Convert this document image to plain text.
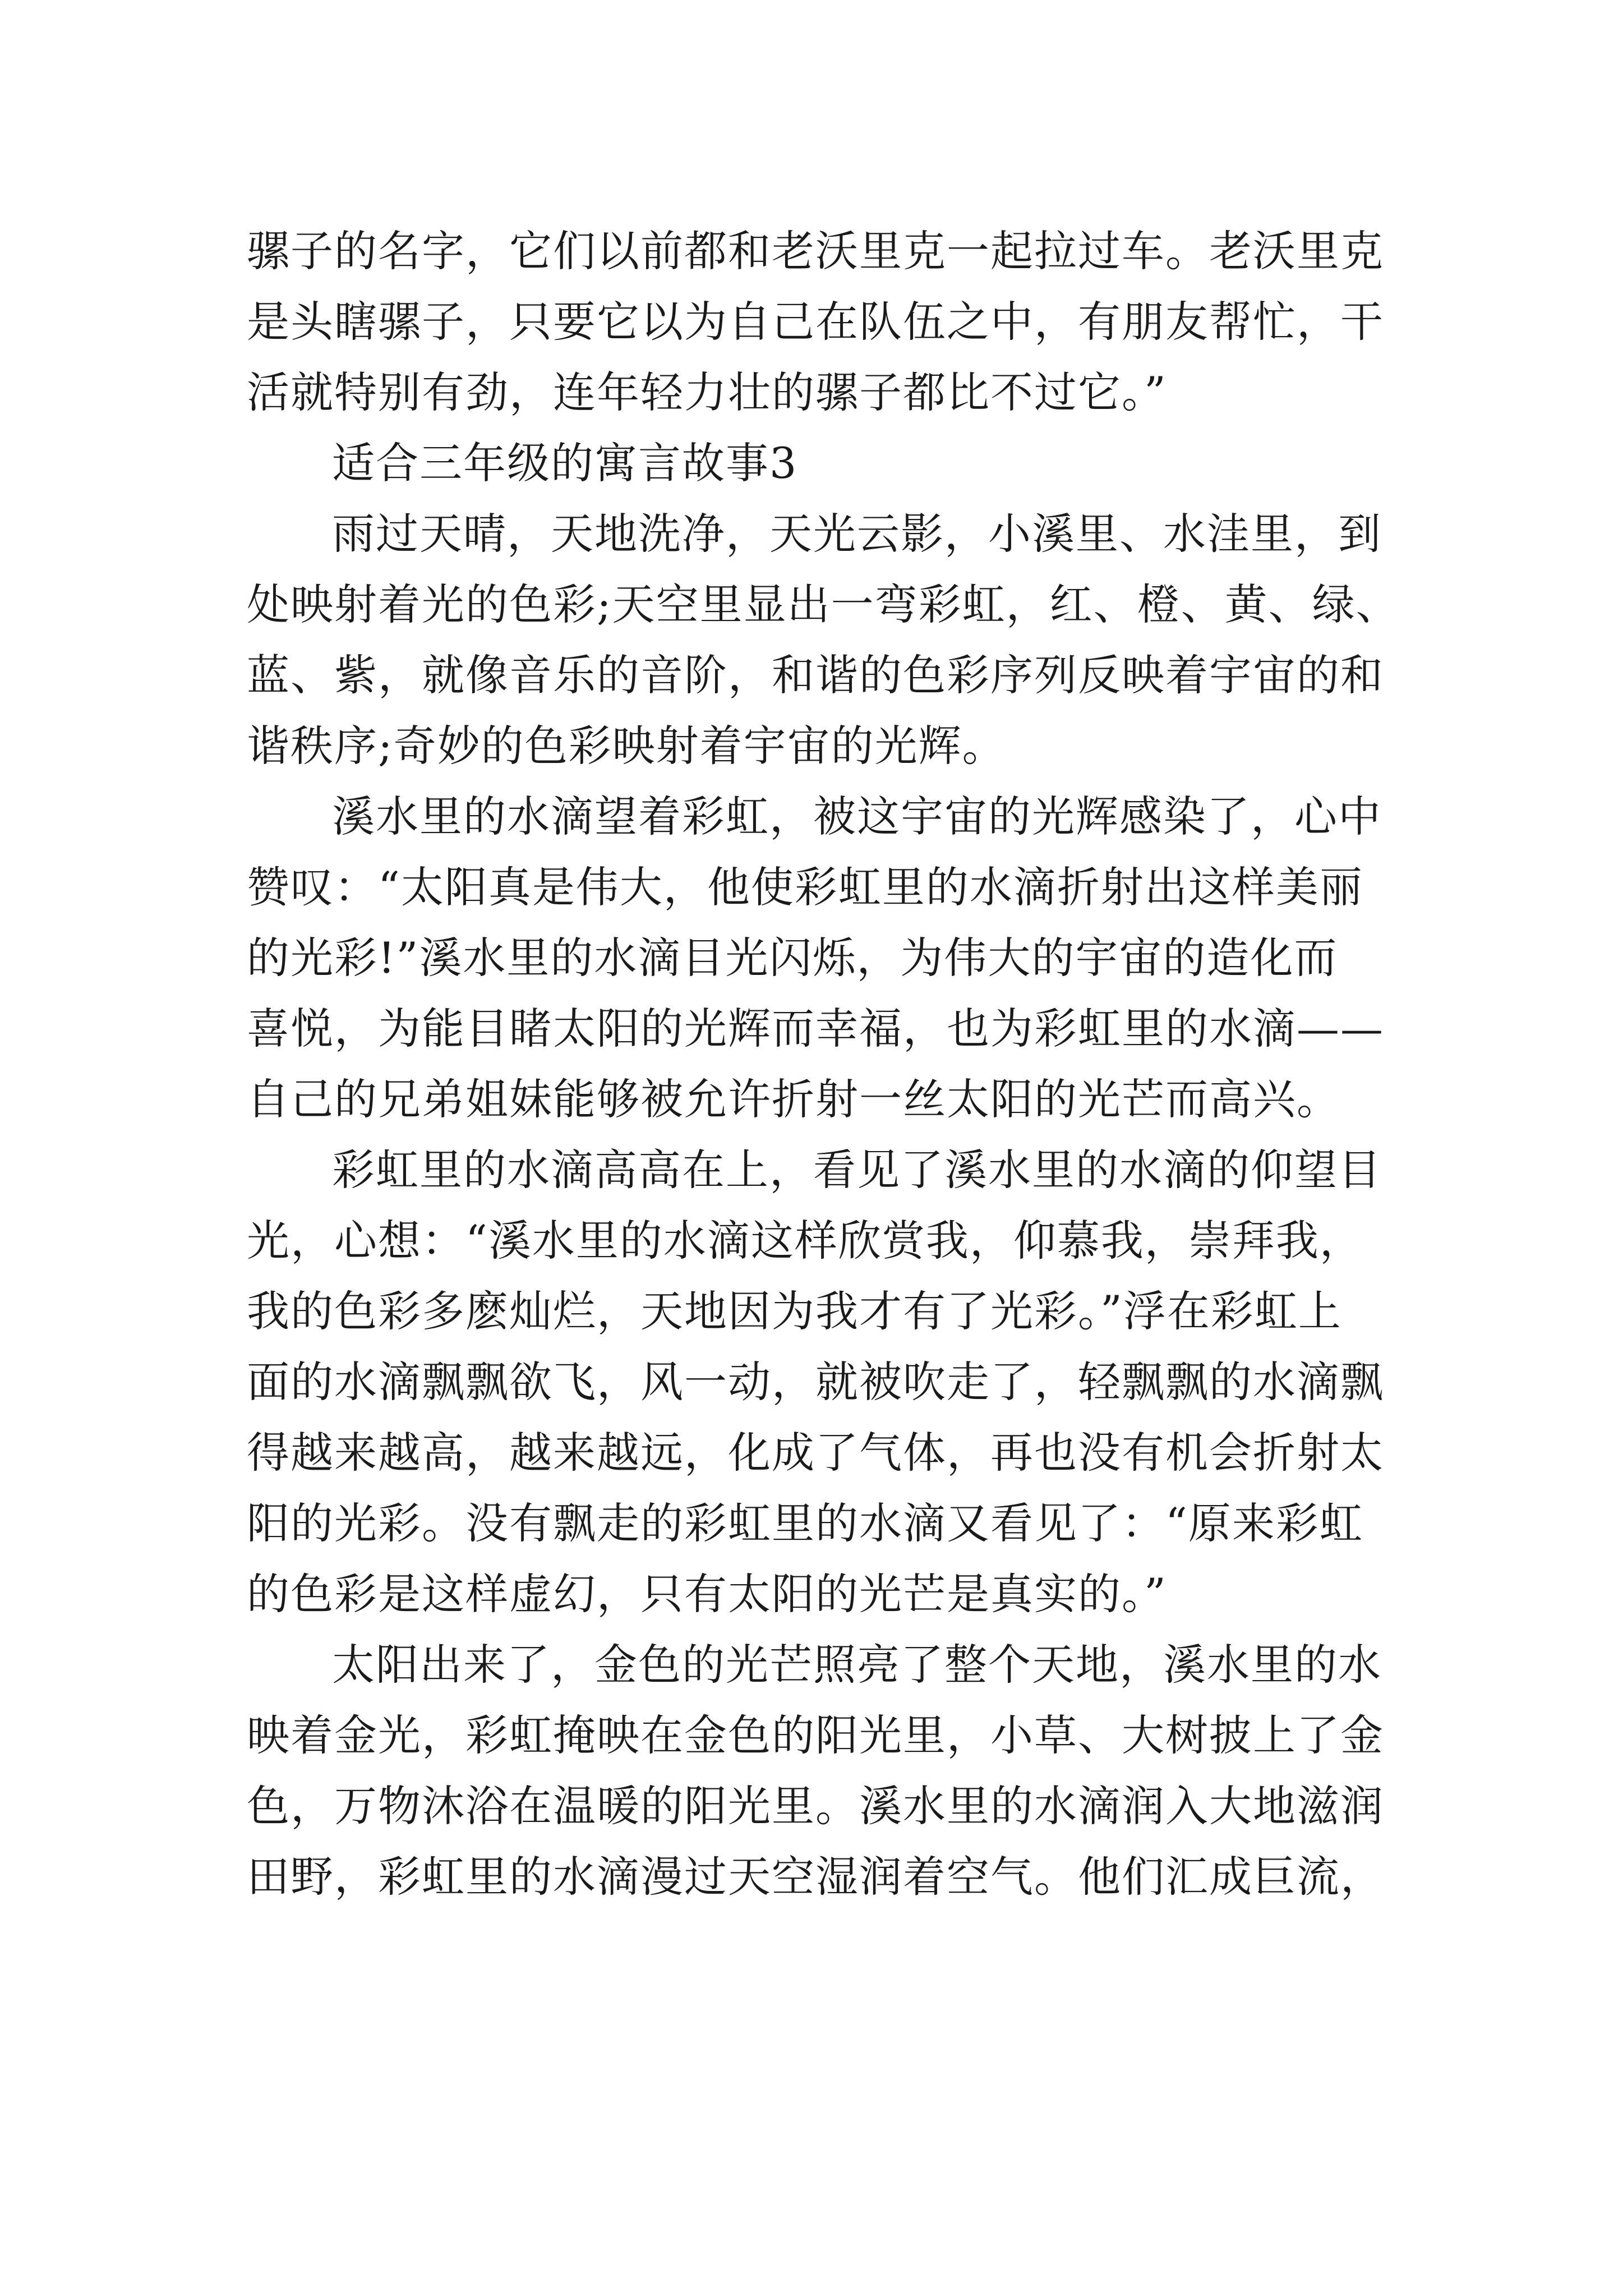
骡子的名字，它们以前都和老沃里克一起拉过车。老沃里克
是头瞎骡子，只要它以为自己在队伍之中，有朋友帮忙，干
活就特别有劲，连年轻力壮的骡子都比不过它。”
适合三年级的寓言故事3
雨过天晴，天地洗净，天光云影，小溪里、水洼里，到
处映射着光的色彩;天空里显出一弯彩虹，红、橙、黄、绿、
蓝、紫，就像音乐的音阶，和谐的色彩序列反映着宇宙的和
谐秩序;奇妙的色彩映射着宇宙的光辉。
溪水里的水滴望着彩虹，被这宇宙的光辉感染了，心中
赞叹：“太阳真是伟大，他使彩虹里的水滴折射出这样美丽
的光彩!”溪水里的水滴目光闪烁，为伟大的宇宙的造化而
喜悦，为能目睹太阳的光辉而幸福，也为彩虹里的水滴——
自己的兄弟姐妹能够被允许折射一丝太阳的光芒而高兴。
彩虹里的水滴高高在上，看见了溪水里的水滴的仰望目
光，心想：“溪水里的水滴这样欣赏我，仰慕我，崇拜我，
我的色彩多麽灿烂，天地因为我才有了光彩。”浮在彩虹上
面的水滴飘飘欲飞，风一动，就被吹走了，轻飘飘的水滴飘
得越来越高，越来越远，化成了气体，再也没有机会折射太
阳的光彩。没有飘走的彩虹里的水滴又看见了：“原来彩虹
的色彩是这样虚幻，只有太阳的光芒是真实的。”
太阳出来了，金色的光芒照亮了整个天地，溪水里的水
映着金光，彩虹掩映在金色的阳光里，小草、大树披上了金
色，万物沐浴在温暖的阳光里。溪水里的水滴润入大地滋润
田野，彩虹里的水滴漫过天空湿润着空气。他们汇成巨流，
